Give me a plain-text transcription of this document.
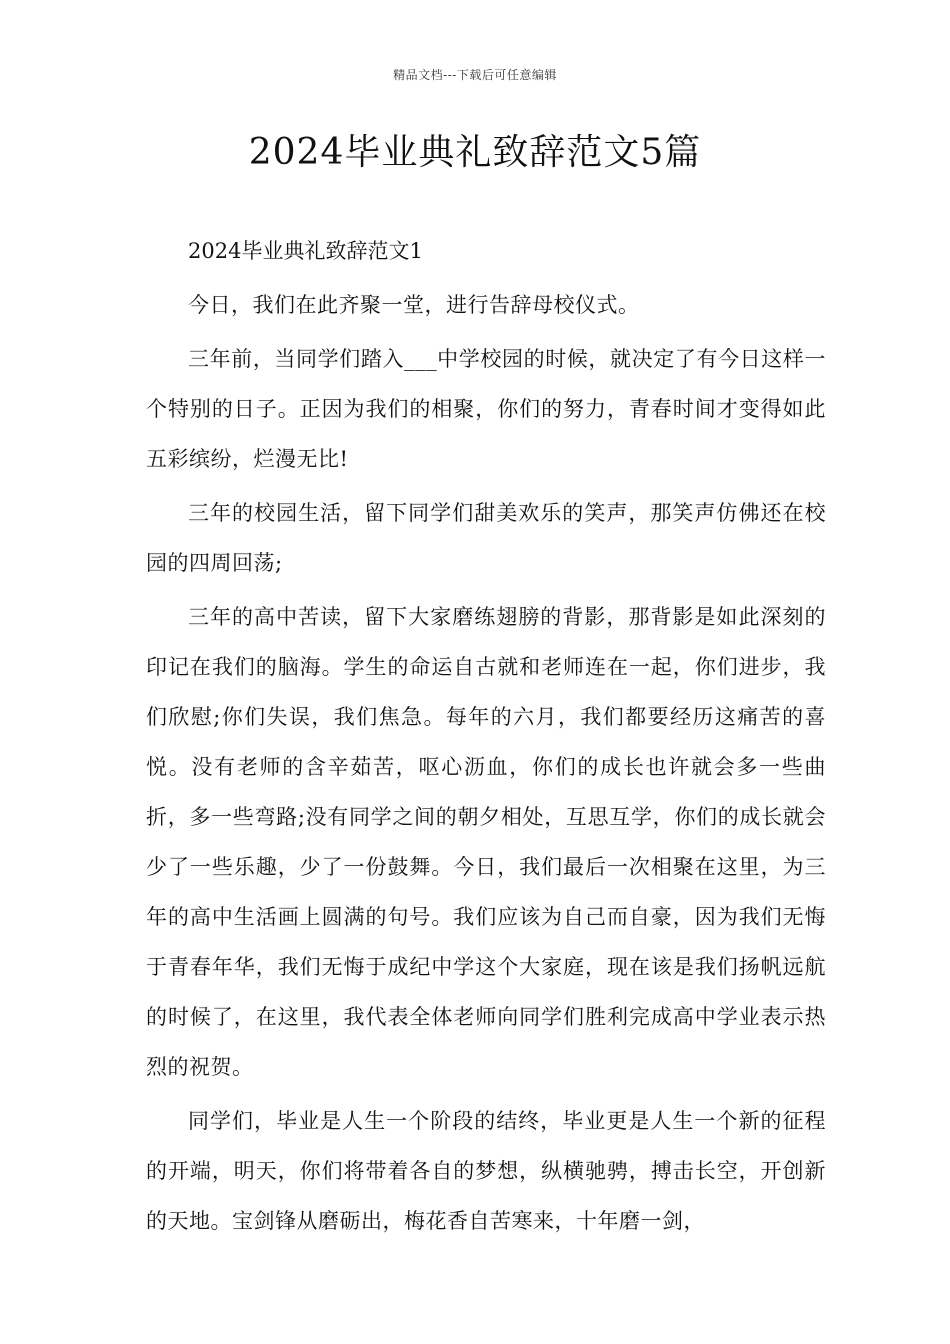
精品文档---下载后可任意编辑
2024毕业典礼致辞范文5篇

2024毕业典礼致辞范文1

今日，我们在此齐聚一堂，进行告辞母校仪式。

三年前，当同学们踏入___中学校园的时候，就决定了有今日这样一个特别的日子。正因为我们的相聚，你们的努力，青春时间才变得如此五彩缤纷，烂漫无比!

三年的校园生活，留下同学们甜美欢乐的笑声，那笑声仿佛还在校园的四周回荡;

三年的高中苦读，留下大家磨练翅膀的背影，那背影是如此深刻的印记在我们的脑海。学生的命运自古就和老师连在一起，你们进步，我们欣慰;你们失误，我们焦急。每年的六月，我们都要经历这痛苦的喜悦。没有老师的含辛茹苦，呕心沥血，你们的成长也许就会多一些曲折，多一些弯路;没有同学之间的朝夕相处，互思互学，你们的成长就会少了一些乐趣，少了一份鼓舞。今日，我们最后一次相聚在这里，为三年的高中生活画上圆满的句号。我们应该为自己而自豪，因为我们无悔于青春年华，我们无悔于成纪中学这个大家庭，现在该是我们扬帆远航的时候了，在这里，我代表全体老师向同学们胜利完成高中学业表示热烈的祝贺。

同学们，毕业是人生一个阶段的结终，毕业更是人生一个新的征程的开端，明天，你们将带着各自的梦想，纵横驰骋，搏击长空，开创新的天地。宝剑锋从磨砺出，梅花香自苦寒来，十年磨一剑，
